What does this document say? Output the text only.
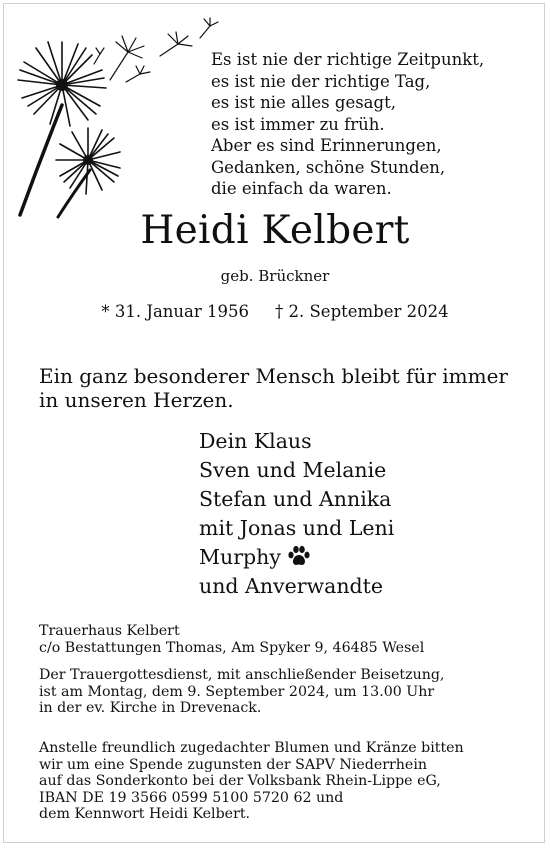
Es ist nie der richtige Zeitpunkt,
es ist nie der richtige Tag,
es ist nie alles gesagt,
es ist immer zu früh.
Aber es sind Erinnerungen,
Gedanken, schöne Stunden,
die einfach da waren.
Heidi Kelbert
geb. Brückner
* 31. Januar 1956 † 2. September 2024
Ein ganz besonderer Mensch bleibt für immer
in unseren Herzen.
Dein Klaus
Sven und Melanie
Stefan und Annika
mit Jonas und Leni
Murphy
und Anverwandte
Trauerhaus Kelbert
c/o Bestattungen Thomas, Am Spyker 9, 46485 Wesel
Der Trauergottesdienst, mit anschließender Beisetzung,
ist am Montag, dem 9. September 2024, um 13.00 Uhr
in der ev. Kirche in Drevenack.
Anstelle freundlich zugedachter Blumen und Kränze bitten
wir um eine Spende zugunsten der SAPV Niederrhein
auf das Sonderkonto bei der Volksbank Rhein-Lippe eG,
IBAN DE 19 3566 0599 5100 5720 62 und
dem Kennwort Heidi Kelbert.
